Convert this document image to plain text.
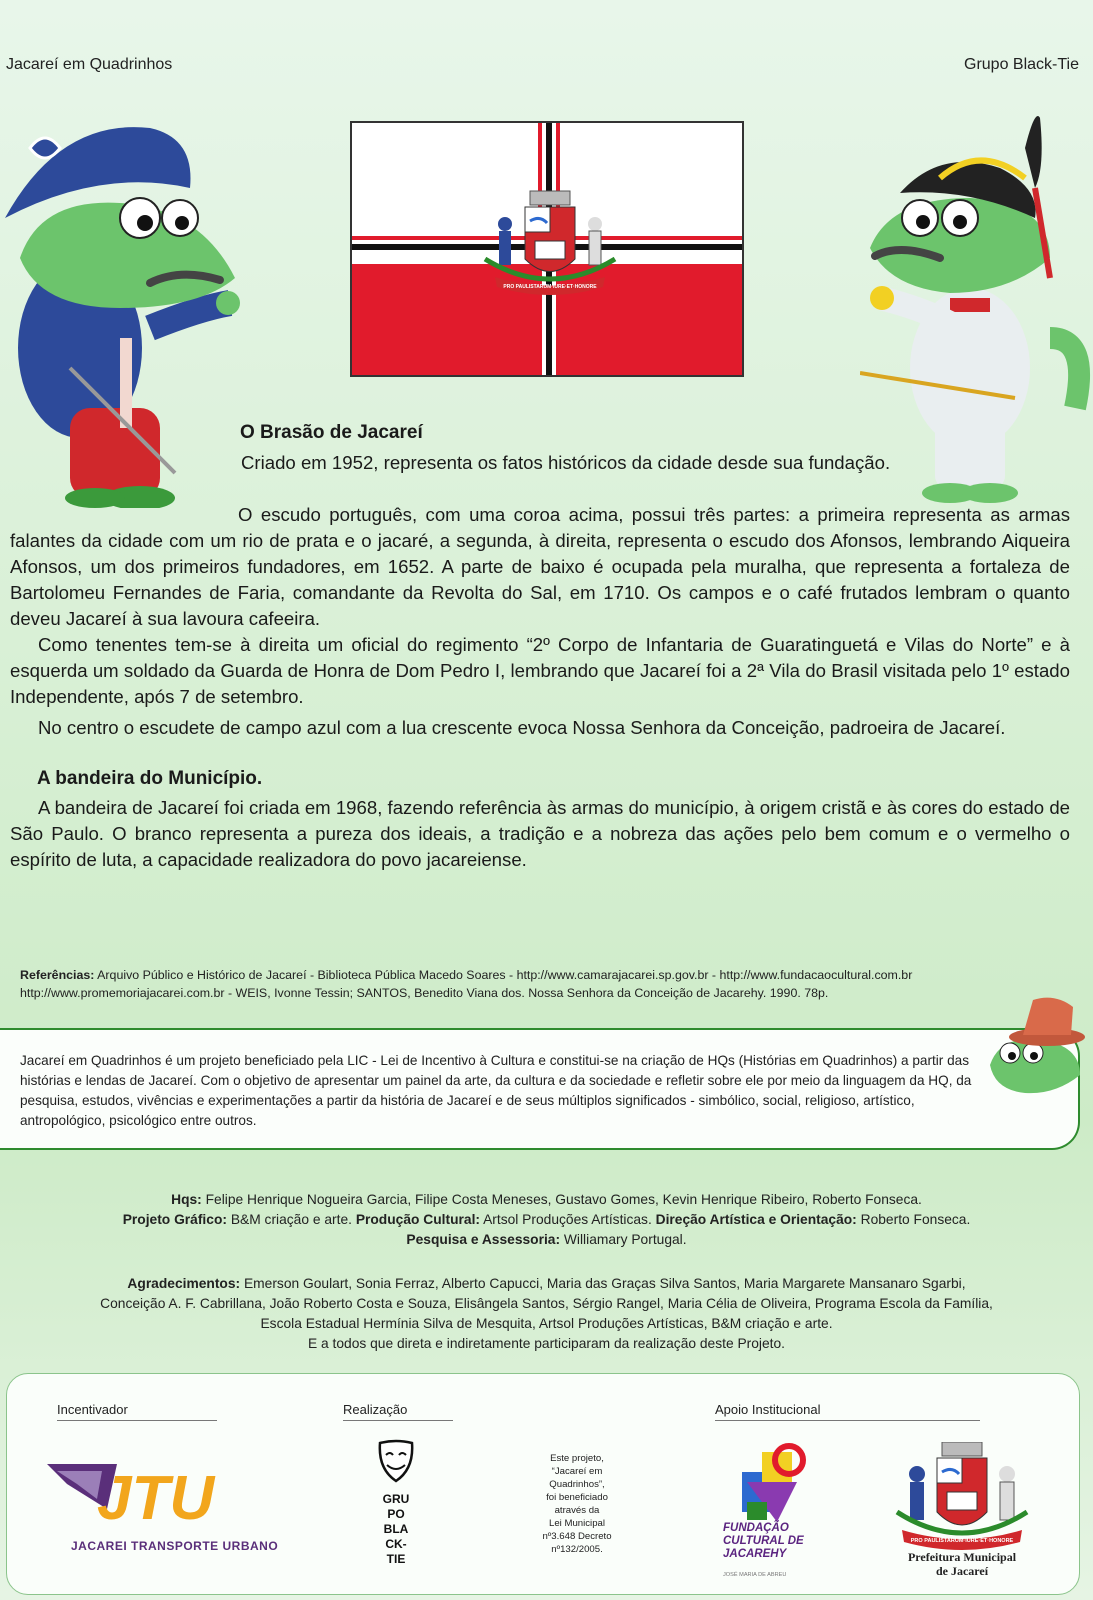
Jacareí em Quadrinhos	Grupo Black-Tie
PRO PAULISTARUM·IURE·ET·HONORE
O Brasão de Jacareí
Criado em 1952, representa os fatos históricos da cidade desde sua fundação.
O escudo português, com uma coroa acima, possui três partes: a primeira representa as armas falantes da cidade com um rio de prata e o jacaré, a segunda, à direita, representa o escudo dos Afonsos, lembrando Aiqueira Afonsos, um dos primeiros fundadores, em 1652. A parte de baixo é ocupada pela muralha, que representa a fortaleza de Bartolomeu Fernandes de Faria, comandante da Revolta do Sal, em 1710. Os campos e o café frutados lembram o quanto deveu Jacareí à sua lavoura cafeeira.
Como tenentes tem-se à direita um oficial do regimento “2º Corpo de Infantaria de Guaratinguetá e Vilas do Norte” e à esquerda um soldado da Guarda de Honra de Dom Pedro I, lembrando que Jacareí foi a 2ª Vila do Brasil visitada pelo 1º estado Independente, após 7 de setembro.
No centro o escudete de campo azul com a lua crescente evoca Nossa Senhora da Conceição, padroeira de Jacareí.
A bandeira do Município.
A bandeira de Jacareí foi criada em 1968, fazendo referência às armas do município, à origem cristã e às cores do estado de São Paulo. O branco representa a pureza dos ideais, a tradição e a nobreza das ações pelo bem comum e o vermelho o espírito de luta, a capacidade realizadora do povo jacareiense.
Referências: Arquivo Público e Histórico de Jacareí - Biblioteca Pública Macedo Soares - http://www.camarajacarei.sp.gov.br - http://www.fundacaocultural.com.br http://www.promemoriajacarei.com.br - WEIS, Ivonne Tessin; SANTOS, Benedito Viana dos. Nossa Senhora da Conceição de Jacarehy. 1990. 78p.

Jacareí em Quadrinhos é um projeto beneficiado pela LIC - Lei de Incentivo à Cultura e constitui-se na criação de HQs (Histórias em Quadrinhos) a partir das histórias e lendas de Jacareí. Com o objetivo de apresentar um painel da arte, da cultura e da sociedade e refletir sobre ele por meio da linguagem da HQ, da pesquisa, estudos, vivências e experimentações a partir da história de Jacareí e de seus múltiplos significados - simbólico, social, religioso, artístico, antropológico, psicológico entre outros.

Hqs: Felipe Henrique Nogueira Garcia, Filipe Costa Meneses, Gustavo Gomes, Kevin Henrique Ribeiro, Roberto Fonseca.
Projeto Gráfico: B&M criação e arte. Produção Cultural: Artsol Produções Artísticas. Direção Artística e Orientação: Roberto Fonseca.
Pesquisa e Assessoria: Williamary Portugal.
Agradecimentos: Emerson Goulart, Sonia Ferraz, Alberto Capucci, Maria das Graças Silva Santos, Maria Margarete Mansanaro Sgarbi,
Conceição A. F. Cabrillana, João Roberto Costa e Souza, Elisângela Santos, Sérgio Rangel, Maria Célia de Oliveira, Programa Escola da Família,
Escola Estadual Hermínia Silva de Mesquita, Artsol Produções Artísticas, B&M criação e arte.
E a todos que direta e indiretamente participaram da realização deste Projeto.
Incentivador	Realização	Apoio Institucional
JTU
JACAREI TRANSPORTE URBANO
GRU
PO
BLA
CK-
TIE
Este projeto,
“Jacareí em
Quadrinhos”,
foi beneficiado
através da
Lei Municipal
nº3.648 Decreto
nº132/2005.
FUNDAÇÃO
CULTURAL DE
JACAREHY
JOSÉ MARIA DE ABREU
PRO PAULISTARUM·IURE·ET·HONORE
Prefeitura Municipal
de Jacareí
